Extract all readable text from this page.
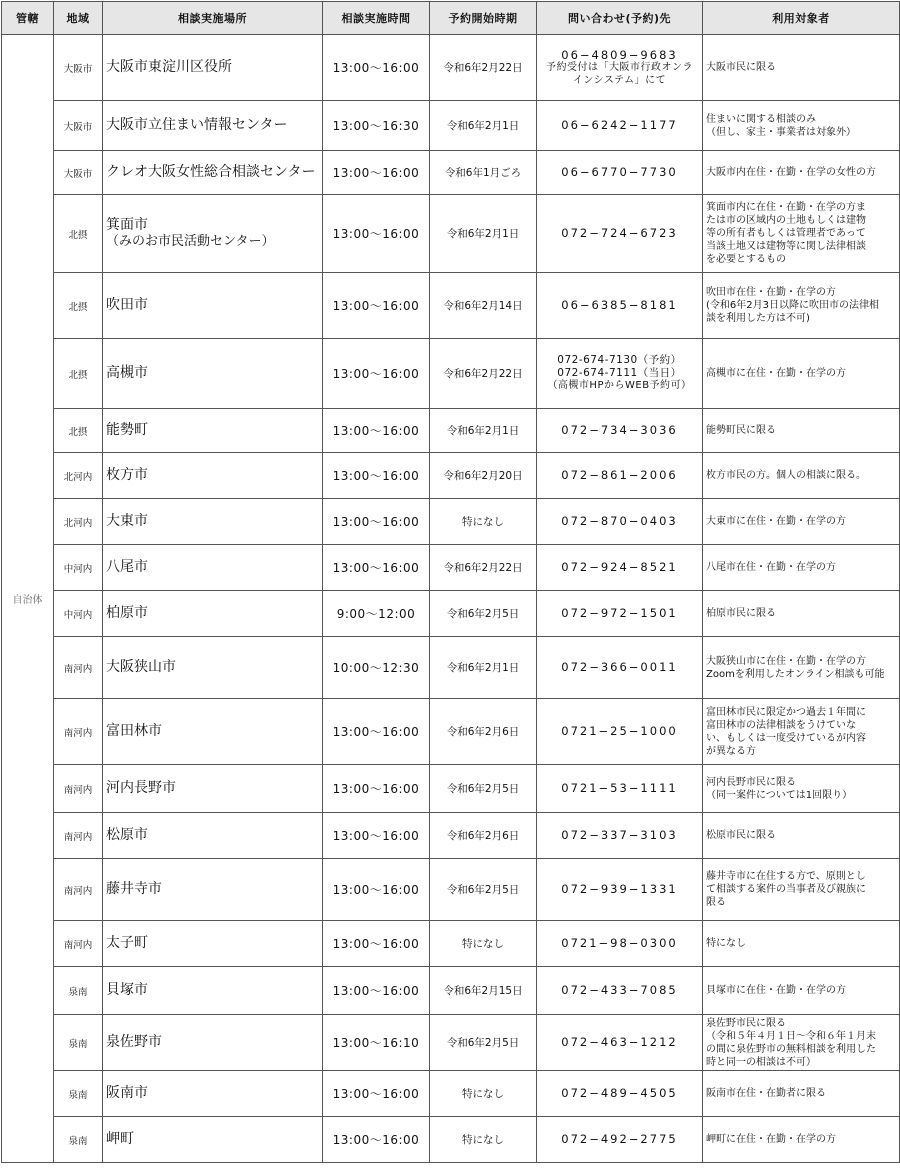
管轄	地域	相談実施場所	相談実施時間	予約開始時期	問い合わせ(予約)先	利用対象者
自治体	大阪市	大阪市東淀川区役所	13:00〜16:00	令和6年2月22日	06−4809−9683
予約受付は「大阪市行政オンラ
インシステム」にて	大阪市民に限る

	大阪市	大阪市立住まい情報センター	13:00〜16:30	令和6年2月1日	06−6242−1177	住まいに関する相談のみ
（但し、家主・事業者は対象外）

	大阪市	クレオ大阪女性総合相談センター	13:00〜16:00	令和6年1月ごろ	06−6770−7730	大阪市内在住・在勤・在学の女性の方

	北摂	箕面市
（みのお市民活動センター）	13:00〜16:00	令和6年2月1日	072−724−6723	箕面市内に在住・在勤・在学の方ま
たは市の区域内の土地もしくは建物
等の所有者もしくは管理者であって
当該土地又は建物等に関し法律相談
を必要とするもの

	北摂	吹田市	13:00〜16:00	令和6年2月14日	06−6385−8181	吹田市在住・在勤・在学の方
(令和6年2月3日以降に吹田市の法律相
談を利用した方は不可)

	北摂	高槻市	13:00〜16:00	令和6年2月22日	072-674-7130（予約）
072-674-7111（当日）
（高槻市HPからWEB予約可）	高槻市に在住・在勤・在学の方

	北摂	能勢町	13:00〜16:00	令和6年2月1日	072−734−3036	能勢町民に限る

	北河内	枚方市	13:00〜16:00	令和6年2月20日	072−861−2006	枚方市民の方。個人の相談に限る。

	北河内	大東市	13:00〜16:00	特になし	072−870−0403	大東市に在住・在勤・在学の方

	中河内	八尾市	13:00〜16:00	令和6年2月22日	072−924−8521	八尾市在住・在勤・在学の方

	中河内	柏原市	9:00〜12:00	令和6年2月5日	072−972−1501	柏原市民に限る

	南河内	大阪狭山市	10:00〜12:30	令和6年2月1日	072−366−0011	大阪狭山市に在住・在勤・在学の方
Zoomを利用したオンライン相談も可能

	南河内	富田林市	13:00〜16:00	令和6年2月6日	0721−25−1000	富田林市民に限定かつ過去１年間に
富田林市の法律相談をうけていな
い、もしくは一度受けているが内容
が異なる方

	南河内	河内長野市	13:00〜16:00	令和6年2月5日	0721−53−1111	河内長野市民に限る
（同一案件については1回限り）

	南河内	松原市	13:00〜16:00	令和6年2月6日	072−337−3103	松原市民に限る

	南河内	藤井寺市	13:00〜16:00	令和6年2月5日	072−939−1331	藤井寺市に在住する方で、原則とし
て相談する案件の当事者及び親族に
限る

	南河内	太子町	13:00〜16:00	特になし	0721−98−0300	特になし

	泉南	貝塚市	13:00〜16:00	令和6年2月15日	072−433−7085	貝塚市に在住・在勤・在学の方

	泉南	泉佐野市	13:00〜16:10	令和6年2月5日	072−463−1212	泉佐野市民に限る
（令和５年４月１日〜令和６年１月末
の間に泉佐野市の無料相談を利用した
時と同一の相談は不可）

	泉南	阪南市	13:00〜16:00	特になし	072−489−4505	阪南市在住・在勤者に限る

	泉南	岬町	13:00〜16:00	特になし	072−492−2775	岬町に在住・在勤・在学の方
